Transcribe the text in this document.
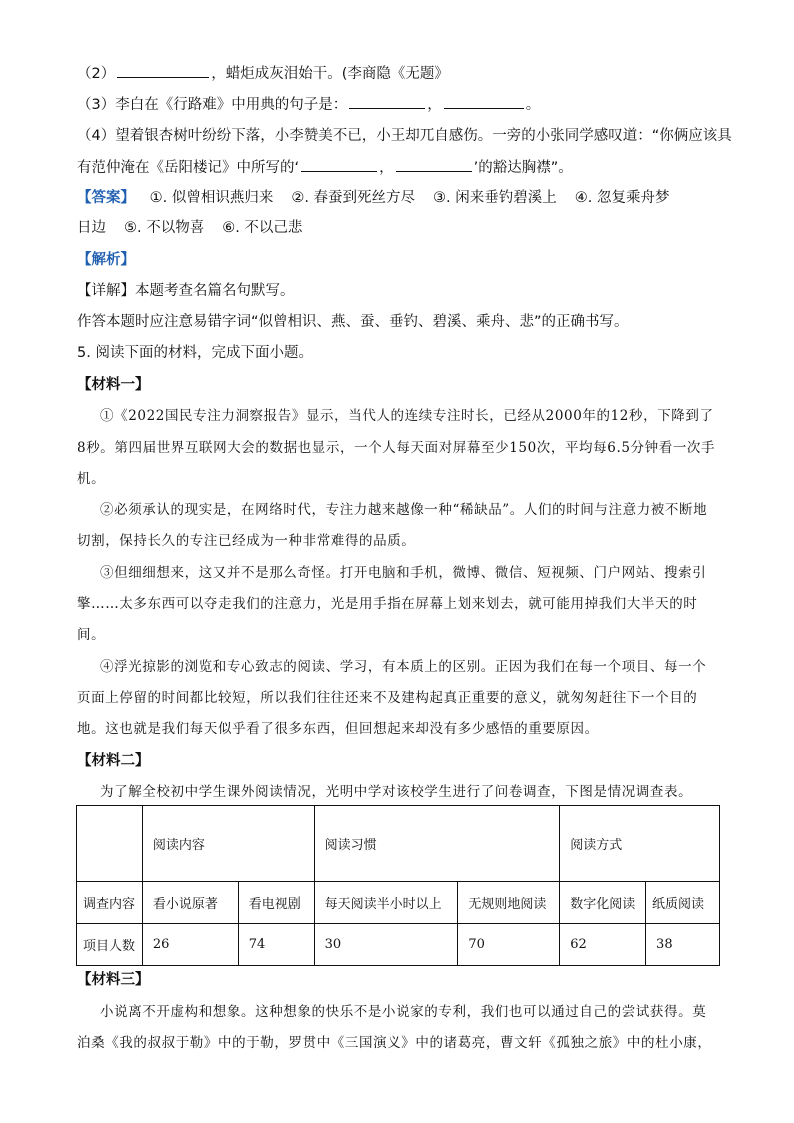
（2）	，蜡炬成灰泪始干。(李商隐《无题》
（3）李白在《行路难》中用典的句子是：	，	。
（4）望着银杏树叶纷纷下落，小李赞美不已，小王却兀自感伤。一旁的小张同学感叹道：“你俩应该具
有范仲淹在《岳阳楼记》中所写的‘	，	’的豁达胸襟”。
【答案】 ①. 似曾相识燕归来 ②. 春蚕到死丝方尽 ③. 闲来垂钓碧溪上 ④. 忽复乘舟梦
日边 ⑤. 不以物喜 ⑥. 不以己悲
【解析】
【详解】本题考查名篇名句默写。
作答本题时应注意易错字词“似曾相识、燕、蚕、垂钓、碧溪、乘舟、悲”的正确书写。
5. 阅读下面的材料，完成下面小题。
【材料一】
①《2022国民专注力洞察报告》显示，当代人的连续专注时长，已经从2000年的12秒，下降到了
8秒。第四届世界互联网大会的数据也显示，一个人每天面对屏幕至少150次，平均每6.5分钟看一次手
机。
②必须承认的现实是，在网络时代，专注力越来越像一种“稀缺品”。人们的时间与注意力被不断地
切割，保持长久的专注已经成为一种非常难得的品质。
③但细细想来，这又并不是那么奇怪。打开电脑和手机，微博、微信、短视频、门户网站、搜索引
擎……太多东西可以夺走我们的注意力，光是用手指在屏幕上划来划去，就可能用掉我们大半天的时
间。
④浮光掠影的浏览和专心致志的阅读、学习，有本质上的区别。正因为我们在每一个项目、每一个
页面上停留的时间都比较短，所以我们往往还来不及建构起真正重要的意义，就匆匆赶往下一个目的
地。这也就是我们每天似乎看了很多东西，但回想起来却没有多少感悟的重要原因。
【材料二】
为了解全校初中学生课外阅读情况，光明中学对该校学生进行了问卷调查，下图是情况调查表。
	阅读内容		阅读习惯		阅读方式	
调查内容	看小说原著	看电视剧	每天阅读半小时以上	无规则地阅读	数字化阅读	纸质阅读
项目人数	26	74	30	70	62	38
【材料三】
小说离不开虚构和想象。这种想象的快乐不是小说家的专利，我们也可以通过自己的尝试获得。莫
泊桑《我的叔叔于勒》中的于勒，罗贯中《三国演义》中的诸葛亮，曹文轩《孤独之旅》中的杜小康，
